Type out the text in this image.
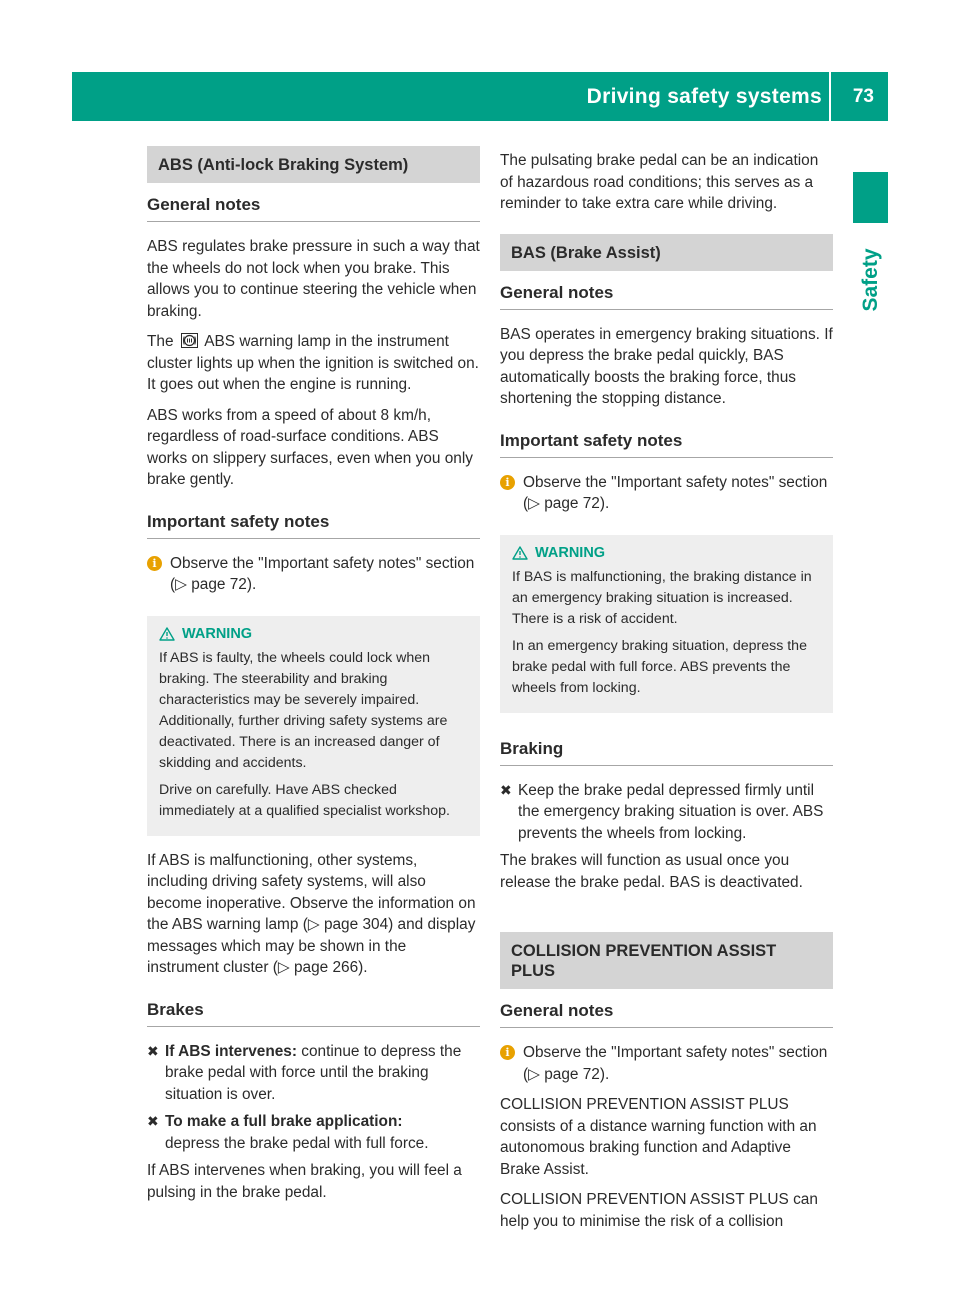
Driving safety systems 73
Safety
ABS (Anti-lock Braking System)
General notes

ABS regulates brake pressure in such a way that the wheels do not lock when you brake. This allows you to continue steering the vehicle when braking.

The ABS warning lamp in the instrument cluster lights up when the ignition is switched on. It goes out when the engine is running.

ABS works from a speed of about 8 km/h, regardless of road-surface conditions. ABS works on slippery surfaces, even when you only brake gently.

Important safety notes
i Observe the "Important safety notes" section (▷ page 72).
WARNING

If ABS is faulty, the wheels could lock when braking. The steerability and braking characteristics may be severely impaired. Additionally, further driving safety systems are deactivated. There is an increased danger of skidding and accidents.

Drive on carefully. Have ABS checked immediately at a qualified specialist workshop.

If ABS is malfunctioning, other systems, including driving safety systems, will also become inoperative. Observe the information on the ABS warning lamp (▷ page 304) and display messages which may be shown in the instrument cluster (▷ page 266).

Brakes
✖ If ABS intervenes: continue to depress the brake pedal with force until the braking situation is over.
✖ To make a full brake application:
depress the brake pedal with full force.

If ABS intervenes when braking, you will feel a pulsing in the brake pedal.

The pulsating brake pedal can be an indication of hazardous road conditions; this serves as a reminder to take extra care while driving.

BAS (Brake Assist)
General notes

BAS operates in emergency braking situations. If you depress the brake pedal quickly, BAS automatically boosts the braking force, thus shortening the stopping distance.

Important safety notes
i Observe the "Important safety notes" section (▷ page 72).
WARNING

If BAS is malfunctioning, the braking distance in an emergency braking situation is increased. There is a risk of accident.

In an emergency braking situation, depress the brake pedal with full force. ABS prevents the wheels from locking.

Braking
✖ Keep the brake pedal depressed firmly until the emergency braking situation is over. ABS prevents the wheels from locking.

The brakes will function as usual once you release the brake pedal. BAS is deactivated.

COLLISION PREVENTION ASSIST PLUS
General notes
i Observe the "Important safety notes" section (▷ page 72).

COLLISION PREVENTION ASSIST PLUS consists of a distance warning function with an autonomous braking function and Adaptive Brake Assist.

COLLISION PREVENTION ASSIST PLUS can help you to minimise the risk of a collision
